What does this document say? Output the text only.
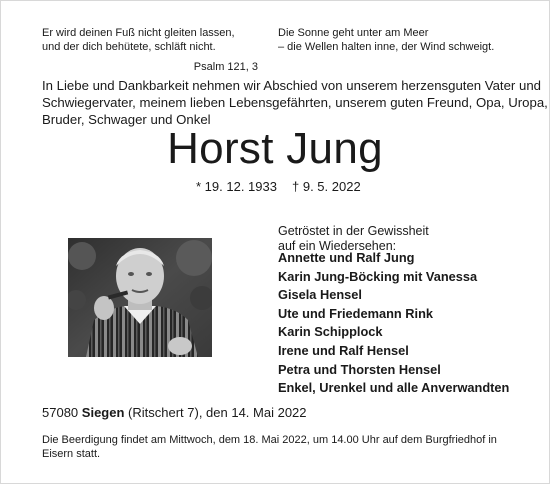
Er wird deinen Fuß nicht gleiten lassen,
und der dich behütete, schläft nicht.
Psalm 121, 3
Die Sonne geht unter am Meer
– die Wellen halten inne, der Wind schweigt.
In Liebe und Dankbarkeit nehmen wir Abschied von unserem herzensguten Vater und
Schwiegervater, meinem lieben Lebensgefährten, unserem guten Freund, Opa, Uropa,
Bruder, Schwager und Onkel
Horst Jung
* 19. 12. 1933 † 9. 5. 2022
Getröstet in der Gewissheit
auf ein Wiedersehen:
Annette und Ralf Jung
Karin Jung-Böcking mit Vanessa
Gisela Hensel
Ute und Friedemann Rink
Karin Schipplock
Irene und Ralf Hensel
Petra und Thorsten Hensel
Enkel, Urenkel und alle Anverwandten
57080 Siegen (Ritschert 7), den 14. Mai 2022
Die Beerdigung findet am Mittwoch, dem 18. Mai 2022, um 14.00 Uhr auf dem Burgfriedhof in
Eisern statt.
